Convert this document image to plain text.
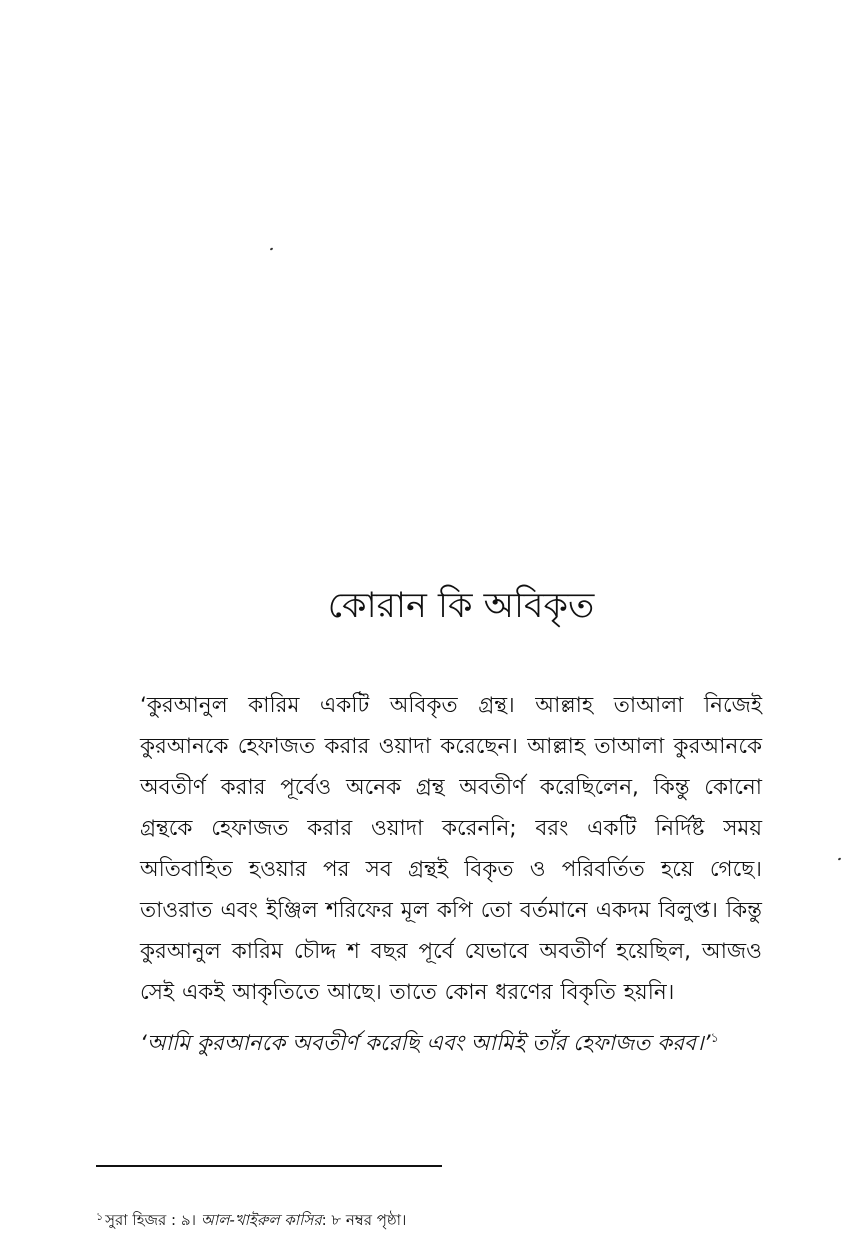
কোরান কি অবিকৃত

‘কুরআনুল কারিম একটি অবিকৃত গ্রন্থ। আল্লাহ তাআলা নিজেই কুরআনকে হেফাজত করার ওয়াদা করেছেন। আল্লাহ তাআলা কুরআনকে অবতীর্ণ করার পূর্বেও অনেক গ্রন্থ অবতীর্ণ করেছিলেন, কিন্তু কোনো গ্রন্থকে হেফাজত করার ওয়াদা করেননি; বরং একটি নির্দিষ্ট সময় অতিবাহিত হওয়ার পর সব গ্রন্থই বিকৃত ও পরিবর্তিত হয়ে গেছে। তাওরাত এবং ইঞ্জিল শরিফের মূল কপি তো বর্তমানে একদম বিলুপ্ত। কিন্তু কুরআনুল কারিম চৌদ্দ শ বছর পূর্বে যেভাবে অবতীর্ণ হয়েছিল, আজও সেই একই আকৃতিতে আছে। তাতে কোন ধরণের বিকৃতি হয়নি।

‘আমি কুরআনকে অবতীর্ণ করেছি এবং আমিই তাঁর হেফাজত করব।’$^১$

$^১$ সুরা হিজর : ৯। আল-খাইরুল কাসির: ৮ নম্বর পৃষ্ঠা।
